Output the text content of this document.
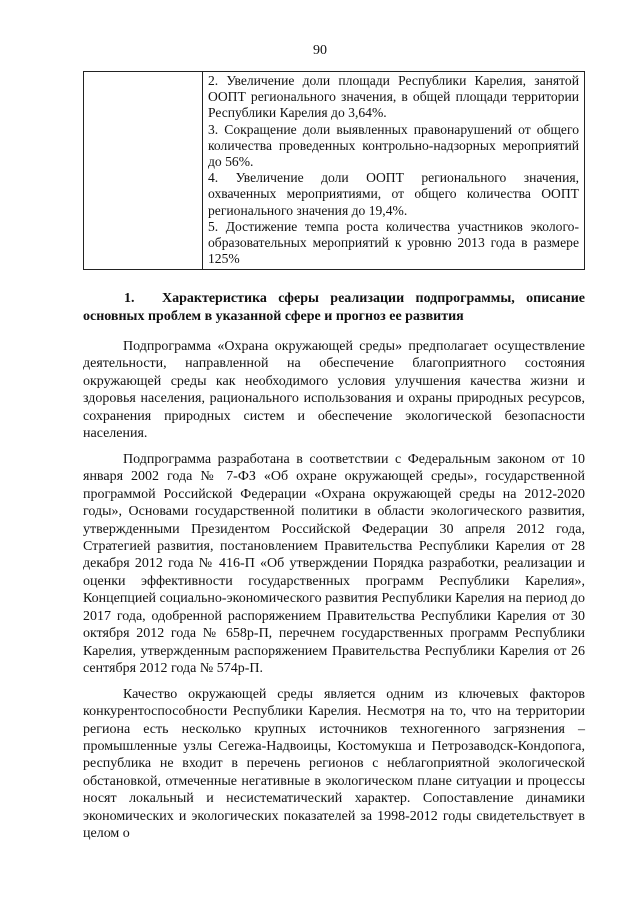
90

2. Увеличение доли площади Республики Карелия, занятой ООПТ регионального значения, в общей площади территории Республики Карелия до 3,64%.
3. Сокращение доли выявленных правонарушений от общего количества проведенных контрольно-надзорных мероприятий до 56%.
4. Увеличение доли ООПТ регионального значения, охваченных мероприятиями, от общего количества ООПТ регионального значения до 19,4%.
5. Достижение темпа роста количества участников эколого-образовательных мероприятий к уровню 2013 года в размере 125%
1. Характеристика сферы реализации подпрограммы, описание основных проблем в указанной сфере и прогноз ее развития

Подпрограмма «Охрана окружающей среды» предполагает осуществление деятельности, направленной на обеспечение благоприятного состояния окружающей среды как необходимого условия улучшения качества жизни и здоровья населения, рационального использования и охраны природных ресурсов, сохранения природных систем и обеспечение экологической безопасности населения.

Подпрограмма разработана в соответствии с Федеральным законом от 10 января 2002 года № 7-ФЗ «Об охране окружающей среды», государственной программой Российской Федерации «Охрана окружающей среды на 2012-2020 годы», Основами государственной политики в области экологического развития, утвержденными Президентом Российской Федерации 30 апреля 2012 года, Стратегией развития, постановлением Правительства Республики Карелия от 28 декабря 2012 года № 416-П «Об утверждении Порядка разработки, реализации и оценки эффективности государственных программ Республики Карелия», Концепцией социально-экономического развития Республики Карелия на период до 2017 года, одобренной распоряжением Правительства Республики Карелия от 30 октября 2012 года № 658р-П, перечнем государственных программ Республики Карелия, утвержденным распоряжением Правительства Республики Карелия от 26 сентября 2012 года № 574р-П.

Качество окружающей среды является одним из ключевых факторов конкурентоспособности Республики Карелия. Несмотря на то, что на территории региона есть несколько крупных источников техногенного загрязнения – промышленные узлы Сегежа-Надвоицы, Костомукша и Петрозаводск-Кондопога, республика не входит в перечень регионов с неблагоприятной экологической обстановкой, отмеченные негативные в экологическом плане ситуации и процессы носят локальный и несистематический характер. Сопоставление динамики экономических и экологических показателей за 1998-2012 годы свидетельствует в целом о
